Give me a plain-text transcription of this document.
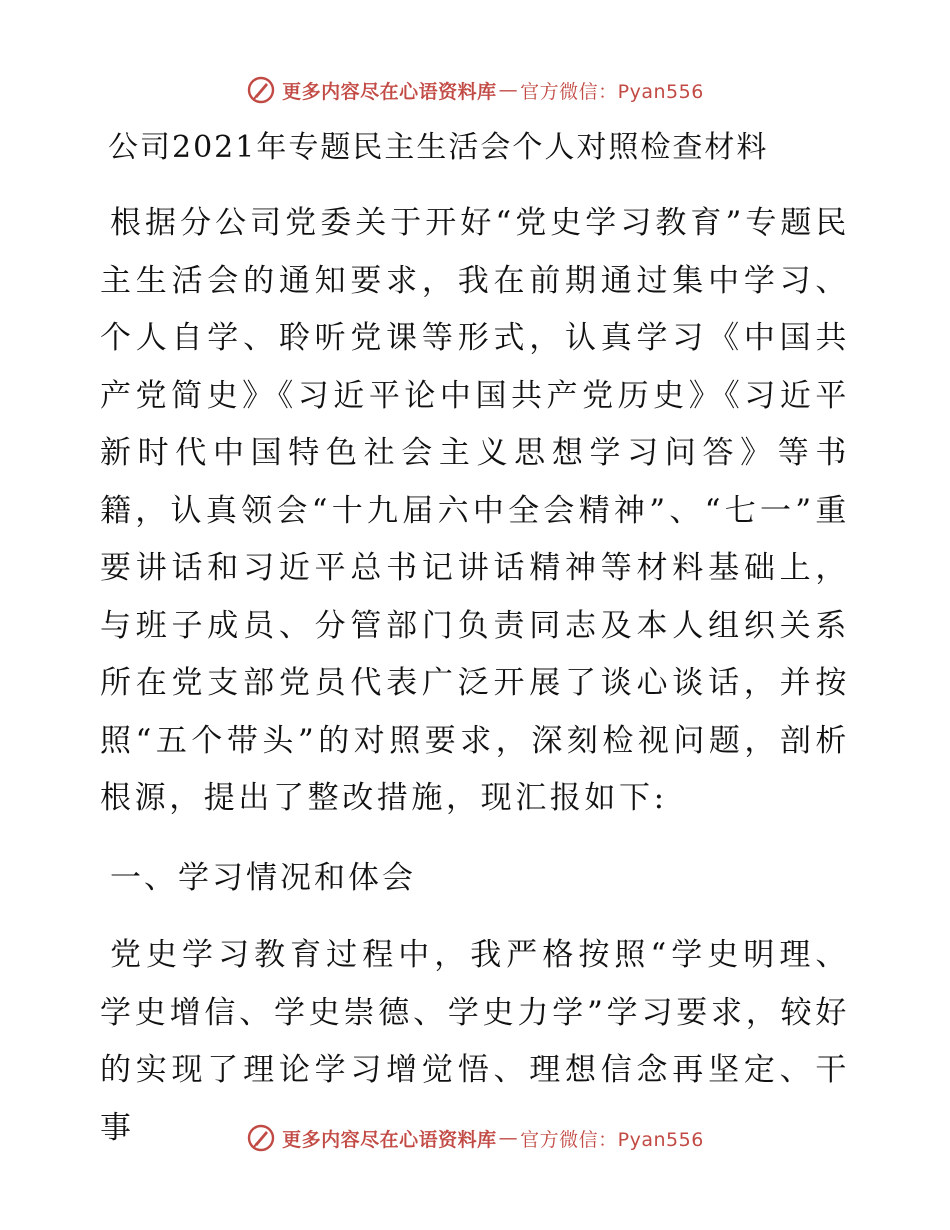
更多内容尽在心语资料库 — 官方微信：Pyan556
公司2021年专题民主生活会个人对照检查材料
根据分公司党委关于开好“党史学习教育”专题民主生活会的通知要求，我在前期通过集中学习、个人自学、聆听党课等形式，认真学习《中国共产党简史》《习近平论中国共产党历史》《习近平新时代中国特色社会主义思想学习问答》等书籍，认真领会“十九届六中全会精神”、“七一”重要讲话和习近平总书记讲话精神等材料基础上，与班子成员、分管部门负责同志及本人组织关系所在党支部党员代表广泛开展了谈心谈话，并按照“五个带头”的对照要求，深刻检视问题，剖析根源，提出了整改措施，现汇报如下:
一、学习情况和体会
党史学习教育过程中，我严格按照“学史明理、学史增信、学史崇德、学史力学”学习要求，较好的实现了理论学习增觉悟、理想信念再坚定、干事	更多内容尽在心语资料库 — 官方微信：Pyan556
